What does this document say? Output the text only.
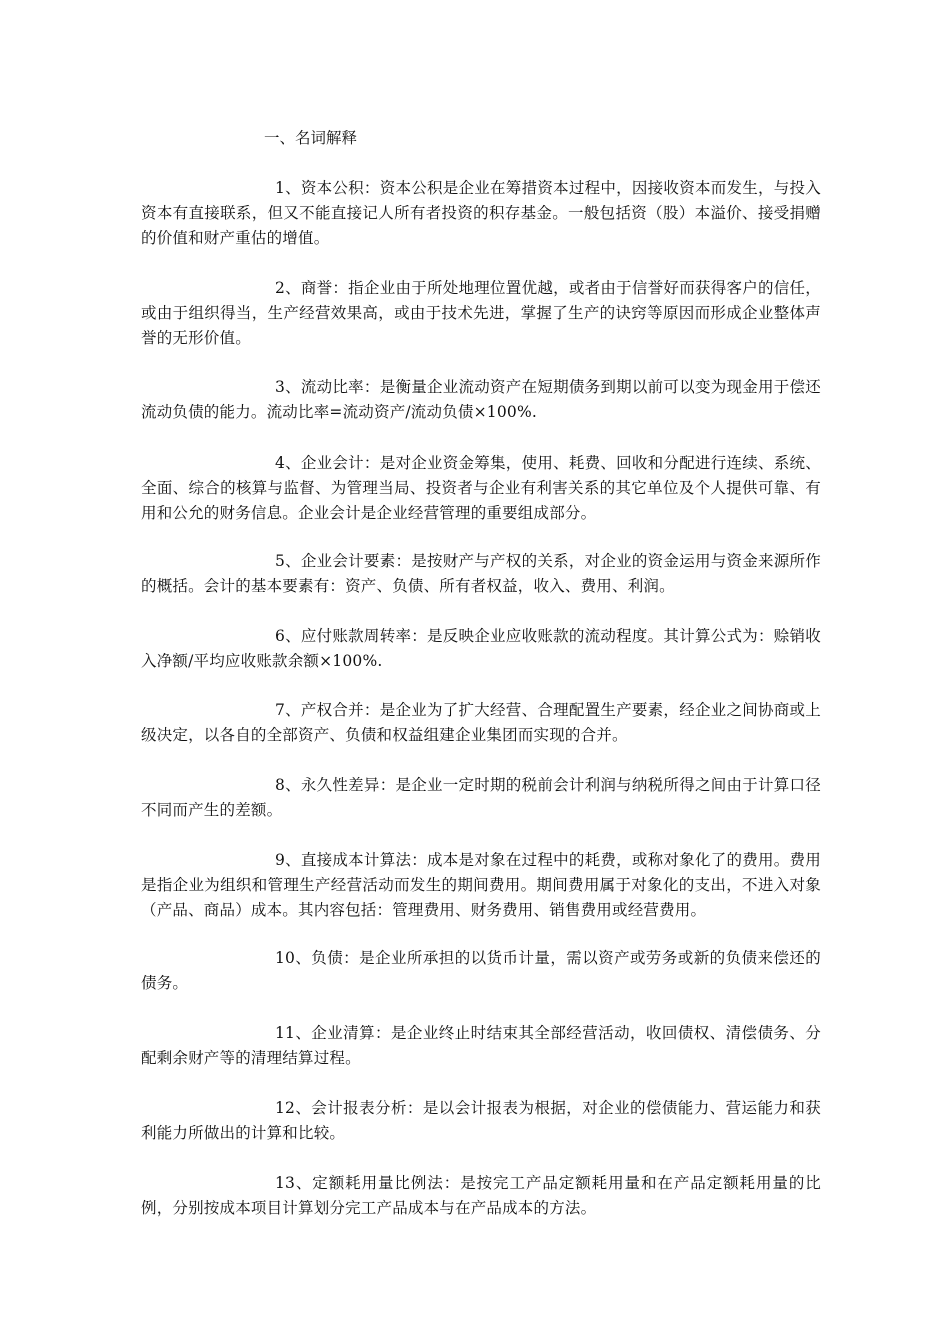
一、名词解释

1、资本公积：资本公积是企业在筹措资本过程中，因接收资本而发生，与投入资本有直接联系，但又不能直接记人所有者投资的积存基金。一般包括资（股）本溢价、接受捐赠的价值和财产重估的增值。

2、商誉：指企业由于所处地理位置优越，或者由于信誉好而获得客户的信任，或由于组织得当，生产经营效果高，或由于技术先进，掌握了生产的诀窍等原因而形成企业整体声誉的无形价值。

3、流动比率：是衡量企业流动资产在短期债务到期以前可以变为现金用于偿还流动负债的能力。流动比率=流动资产/流动负债×100%.

4、企业会计：是对企业资金筹集，使用、耗费、回收和分配进行连续、系统、全面、综合的核算与监督、为管理当局、投资者与企业有利害关系的其它单位及个人提供可靠、有用和公允的财务信息。企业会计是企业经营管理的重要组成部分。

5、企业会计要素：是按财产与产权的关系，对企业的资金运用与资金来源所作的概括。会计的基本要素有：资产、负债、所有者权益，收入、费用、利润。

6、应付账款周转率：是反映企业应收账款的流动程度。其计算公式为：赊销收入净额/平均应收账款余额×100%.

7、产权合并：是企业为了扩大经营、合理配置生产要素，经企业之间协商或上级决定，以各自的全部资产、负债和权益组建企业集团而实现的合并。

8、永久性差异：是企业一定时期的税前会计利润与纳税所得之间由于计算口径不同而产生的差额。

9、直接成本计算法：成本是对象在过程中的耗费，或称对象化了的费用。费用是指企业为组织和管理生产经营活动而发生的期间费用。期间费用属于对象化的支出，不进入对象（产品、商品）成本。其内容包括：管理费用、财务费用、销售费用或经营费用。

10、负债：是企业所承担的以货币计量，需以资产或劳务或新的负债来偿还的债务。

11、企业清算：是企业终止时结束其全部经营活动，收回债权、清偿债务、分配剩余财产等的清理结算过程。

12、会计报表分析：是以会计报表为根据，对企业的偿债能力、营运能力和获利能力所做出的计算和比较。

13、定额耗用量比例法：是按完工产品定额耗用量和在产品定额耗用量的比例，分别按成本项目计算划分完工产品成本与在产品成本的方法。
